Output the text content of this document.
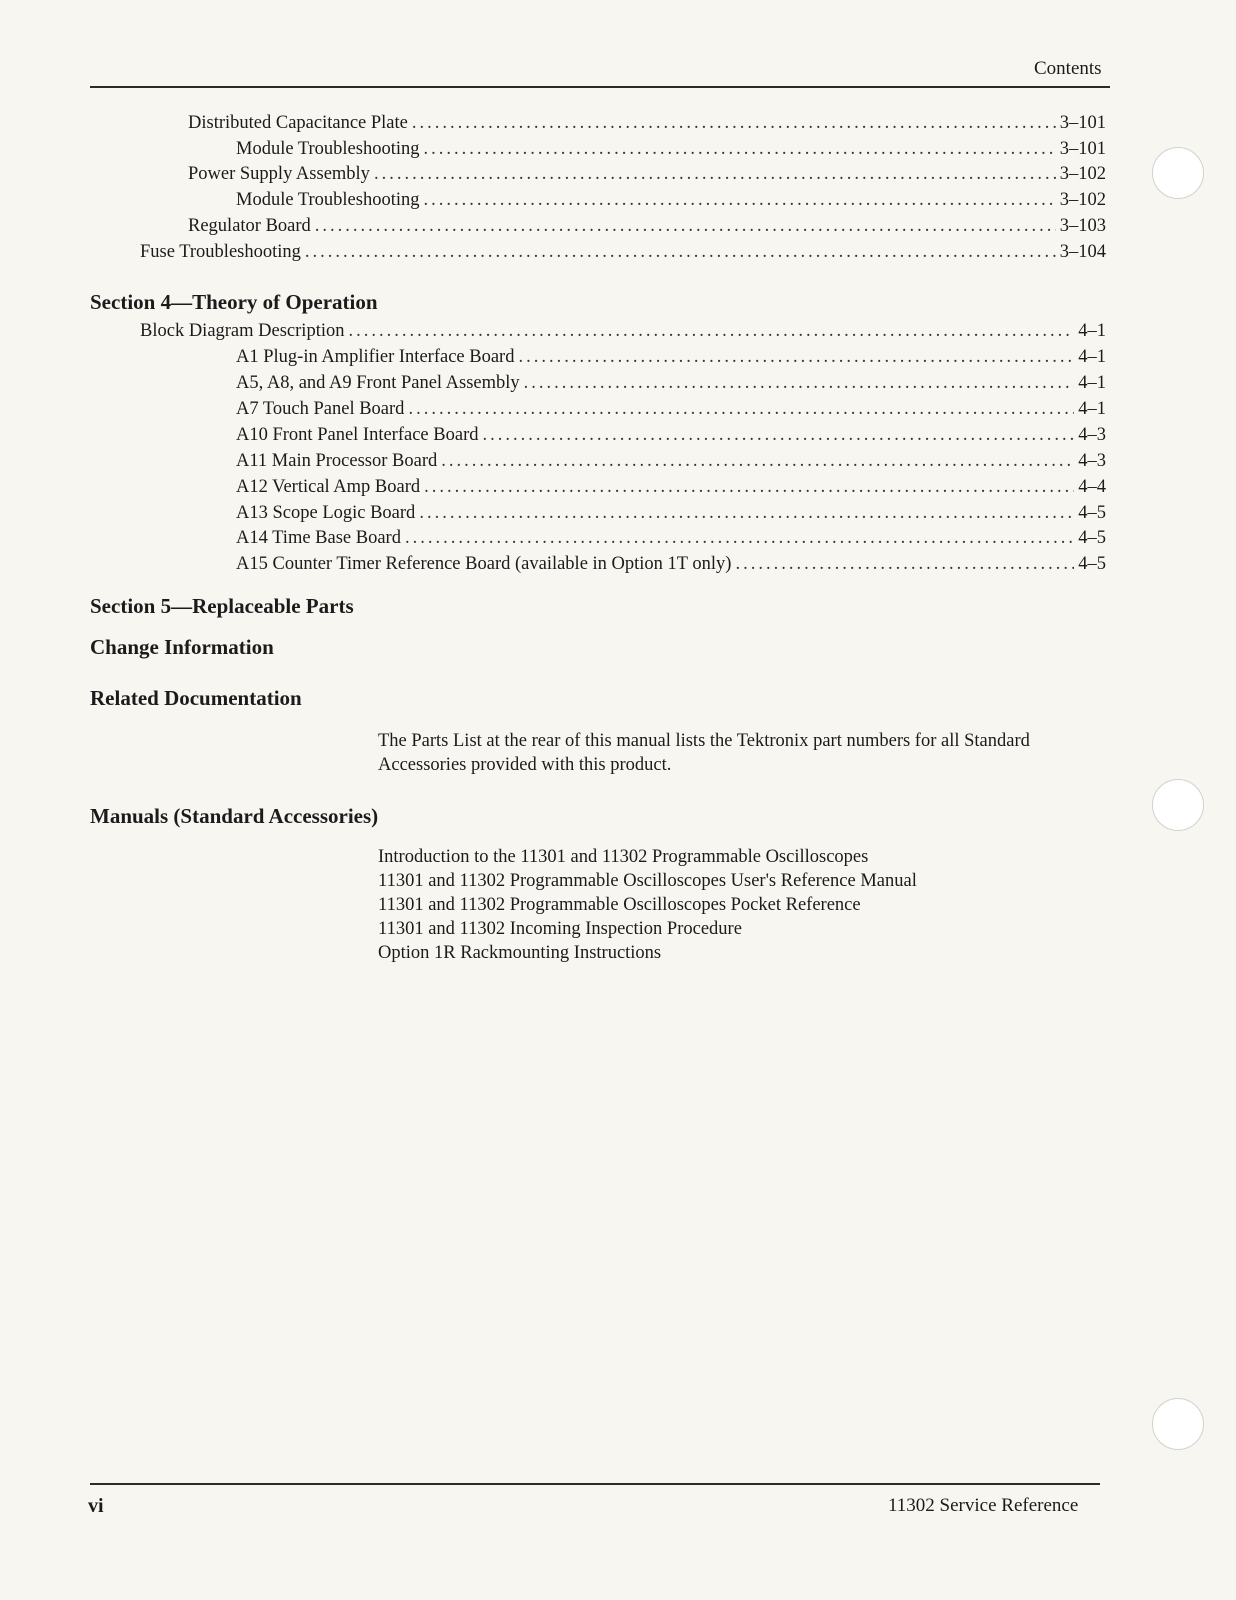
Contents
Distributed Capacitance Plate .....	3–101
Module Troubleshooting .....	3–101
Power Supply Assembly .....	3–102
Module Troubleshooting .....	3–102
Regulator Board .....	3–103
Fuse Troubleshooting .....	3–104
Section 4—Theory of Operation
Block Diagram Description .....	4–1
A1 Plug-in Amplifier Interface Board .....	4–1
A5, A8, and A9 Front Panel Assembly .....	4–1
A7 Touch Panel Board .....	4–1
A10 Front Panel Interface Board .....	4–3
A11 Main Processor Board .....	4–3
A12 Vertical Amp Board .....	4–4
A13 Scope Logic Board .....	4–5
A14 Time Base Board .....	4–5
A15 Counter Timer Reference Board (available in Option 1T only) .....	4–5
Section 5—Replaceable Parts
Change Information
Related Documentation
The Parts List at the rear of this manual lists the Tektronix part numbers for all Standard Accessories provided with this product.
Manuals (Standard Accessories)
Introduction to the 11301 and 11302 Programmable Oscilloscopes
11301 and 11302 Programmable Oscilloscopes User's Reference Manual
11301 and 11302 Programmable Oscilloscopes Pocket Reference
11301 and 11302 Incoming Inspection Procedure
Option 1R Rackmounting Instructions
vi	11302 Service Reference
